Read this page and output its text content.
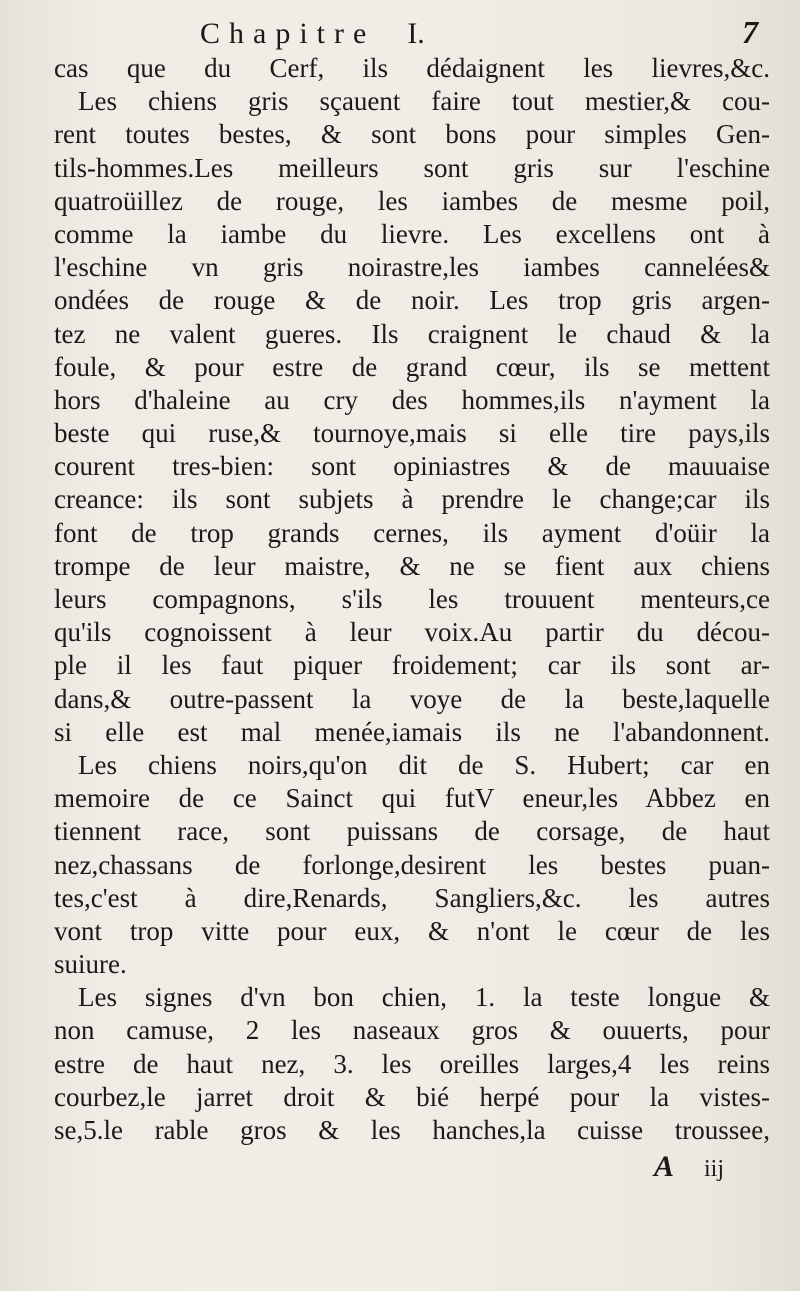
Chapitre I.	7
cas que du Cerf, ils dédaignent les lievres,&c.
Les chiens gris sçauent faire tout mestier,& cou-
rent toutes bestes, & sont bons pour simples Gen-
tils-hommes.Les meilleurs sont gris sur l'eschine
quatroüillez de rouge, les iambes de mesme poil,
comme la iambe du lievre. Les excellens ont à
l'eschine vn gris noirastre,les iambes cannelées&
ondées de rouge & de noir. Les trop gris argen-
tez ne valent gueres. Ils craignent le chaud & la
foule, & pour estre de grand cœur, ils se mettent
hors d'haleine au cry des hommes,ils n'ayment la
beste qui ruse,& tournoye,mais si elle tire pays,ils
courent tres-bien: sont opiniastres & de mauuaise
creance: ils sont subjets à prendre le change;car ils
font de trop grands cernes, ils ayment d'oüir la
trompe de leur maistre, & ne se fient aux chiens
leurs compagnons, s'ils les trouuent menteurs,ce
qu'ils cognoissent à leur voix.Au partir du décou-
ple il les faut piquer froidement; car ils sont ar-
dans,& outre-passent la voye de la beste,laquelle
si elle est mal menée,iamais ils ne l'abandonnent.
Les chiens noirs,qu'on dit de S. Hubert; car en
memoire de ce Sainct qui futV eneur,les Abbez en
tiennent race, sont puissans de corsage, de haut
nez,chassans de forlonge,desirent les bestes puan-
tes,c'est à dire,Renards, Sangliers,&c. les autres
vont trop vitte pour eux, & n'ont le cœur de les
suiure.
Les signes d'vn bon chien, 1. la teste longue &
non camuse, 2 les naseaux gros & ouuerts, pour
estre de haut nez, 3. les oreilles larges,4 les reins
courbez,le jarret droit & bié herpé pour la vistes-
se,5.le rable gros & les hanches,la cuisse troussee,
A iij
